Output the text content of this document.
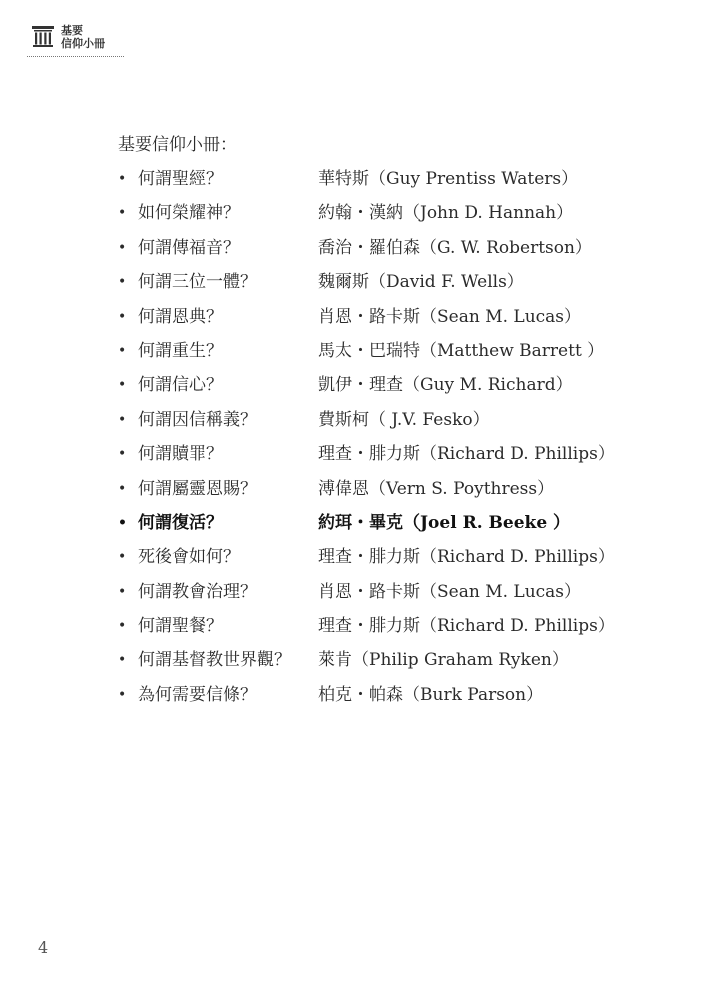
基要
信仰小冊
基要信仰小冊：
• 何謂聖經？	華特斯（Guy Prentiss Waters）
• 如何榮耀神？	約翰・漢納（John D. Hannah）
• 何謂傳福音？	喬治・羅伯森（G. W. Robertson）
• 何謂三位一體？	魏爾斯（David F. Wells）
• 何謂恩典？	肖恩・路卡斯（Sean M. Lucas）
• 何謂重生？	馬太・巴瑞特（Matthew Barrett ）
• 何謂信心？	凱伊・理查（Guy M. Richard）
• 何謂因信稱義？	費斯柯（ J.V. Fesko）
• 何謂贖罪？	理查・腓力斯（Richard D. Phillips）
• 何謂屬靈恩賜？	溥偉恩（Vern S. Poythress）
• 何謂復活？	約珥・畢克（Joel R. Beeke ）
• 死後會如何？	理查・腓力斯（Richard D. Phillips）
• 何謂教會治理？	肖恩・路卡斯（Sean M. Lucas）
• 何謂聖餐？	理查・腓力斯（Richard D. Phillips）
• 何謂基督教世界觀？	萊肯（Philip Graham Ryken）
• 為何需要信條？	柏克・帕森（Burk Parson）
4
